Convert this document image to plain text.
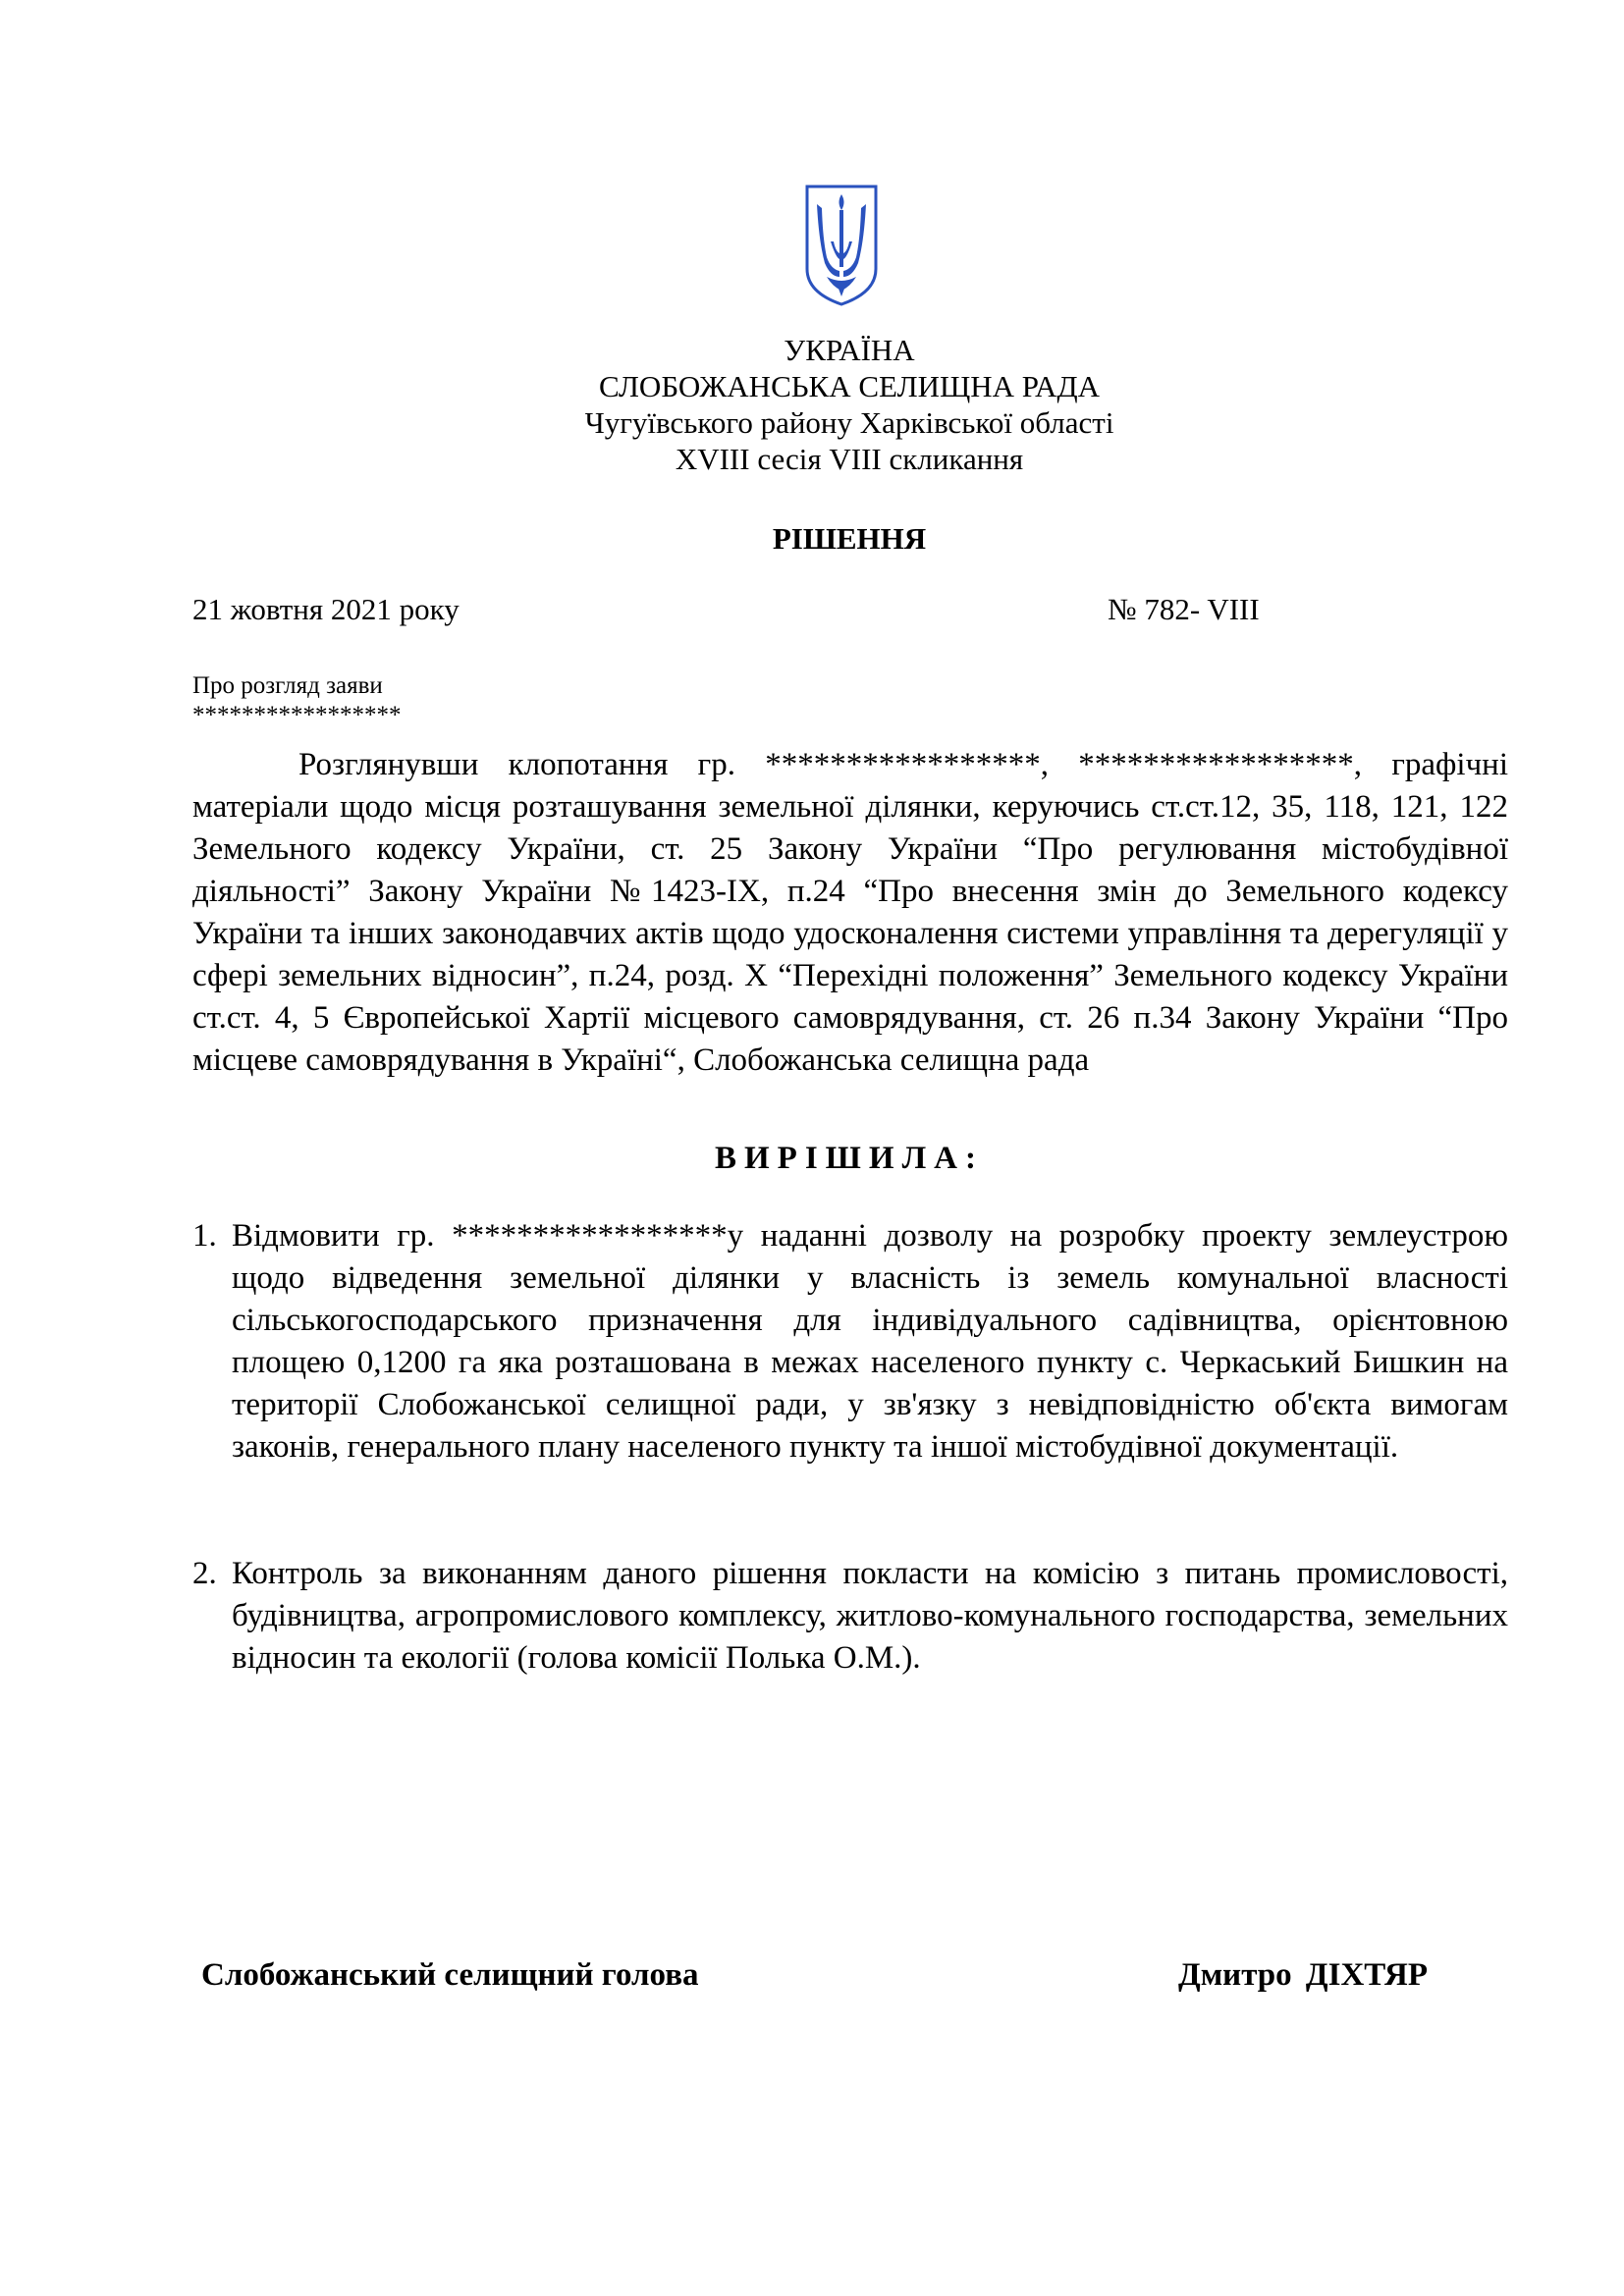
УКРАЇНА
СЛОБОЖАНСЬКА СЕЛИЩНА РАДА
Чугуївського району Харківської області
XVIII сесія VIII скликання
РІШЕННЯ
21 жовтня 2021 року	№ 782- VIII
Про розгляд заяви
*****************
Розглянувши клопотання гр. *****************, *****************, графічні матеріали щодо місця розташування земельної ділянки, керуючись ст.ст.12, 35, 118, 121, 122 Земельного кодексу України, ст. 25 Закону України “Про регулювання містобудівної діяльності” Закону України №1423-ІХ, п.24 “Про внесення змін до Земельного кодексу України та інших законодавчих актів щодо удосконалення системи управління та дерегуляції у сфері земельних відносин”, п.24, розд. Х “Перехідні положення” Земельного кодексу України ст.ст. 4, 5 Європейської Хартії місцевого самоврядування, ст. 26 п.34 Закону України “Про місцеве самоврядування в Україні“, Слобожанська селищна рада
ВИРІШИЛА:
1. Відмовити гр. *****************у наданні дозволу на розробку проекту землеустрою щодо відведення земельної ділянки у власність із земель комунальної власності сільськогосподарського призначення для індивідуального садівництва, орієнтовною площею 0,1200 га яка розташована в межах населеного пункту с. Черкаський Бишкин на території Слобожанської селищної ради, у зв'язку з невідповідністю об'єкта вимогам законів, генерального плану населеного пункту та іншої містобудівної документації.
2. Контроль за виконанням даного рішення покласти на комісію з питань промисловості, будівництва, агропромислового комплексу, житлово-комунального господарства, земельних відносин та екології (голова комісії Полька О.М.).
Слобожанський селищний голова	Дмитро ДІХТЯР
